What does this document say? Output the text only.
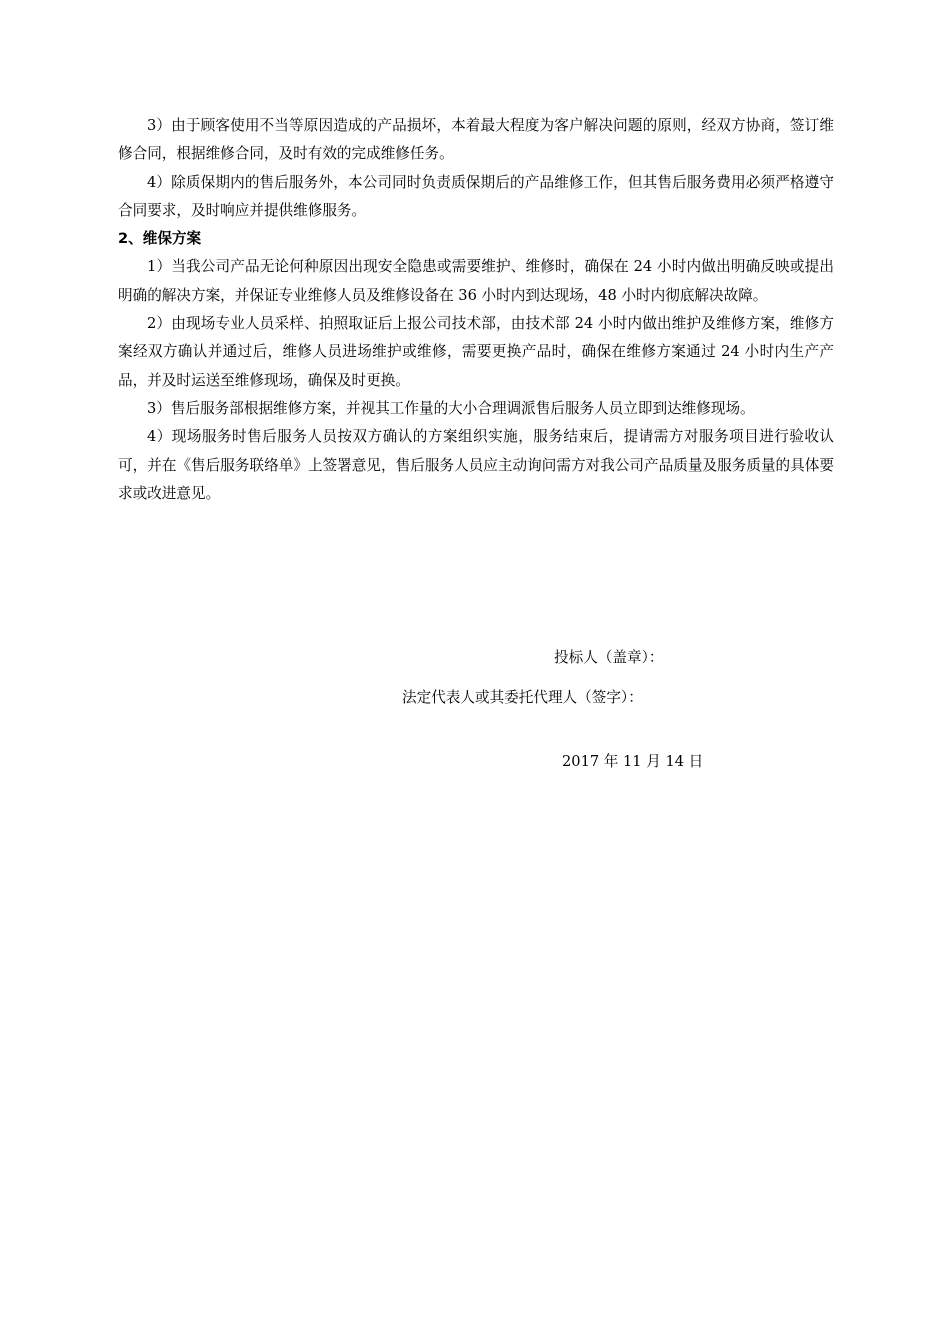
3）由于顾客使用不当等原因造成的产品损坏，本着最大程度为客户解决问题的原则，经双方协商，签订维修合同，根据维修合同，及时有效的完成维修任务。

4）除质保期内的售后服务外，本公司同时负责质保期后的产品维修工作，但其售后服务费用必须严格遵守合同要求，及时响应并提供维修服务。

2、维保方案

1）当我公司产品无论何种原因出现安全隐患或需要维护、维修时，确保在 24 小时内做出明确反映或提出明确的解决方案，并保证专业维修人员及维修设备在 36 小时内到达现场，48 小时内彻底解决故障。

2）由现场专业人员采样、拍照取证后上报公司技术部，由技术部 24 小时内做出维护及维修方案，维修方案经双方确认并通过后，维修人员进场维护或维修，需要更换产品时，确保在维修方案通过 24 小时内生产产品，并及时运送至维修现场，确保及时更换。

3）售后服务部根据维修方案，并视其工作量的大小合理调派售后服务人员立即到达维修现场。

4）现场服务时售后服务人员按双方确认的方案组织实施，服务结束后，提请需方对服务项目进行验收认可，并在《售后服务联络单》上签署意见，售后服务人员应主动询问需方对我公司产品质量及服务质量的具体要求或改进意见。

投标人（盖章）：

法定代表人或其委托代理人（签字）：

2017 年 11 月 14 日
